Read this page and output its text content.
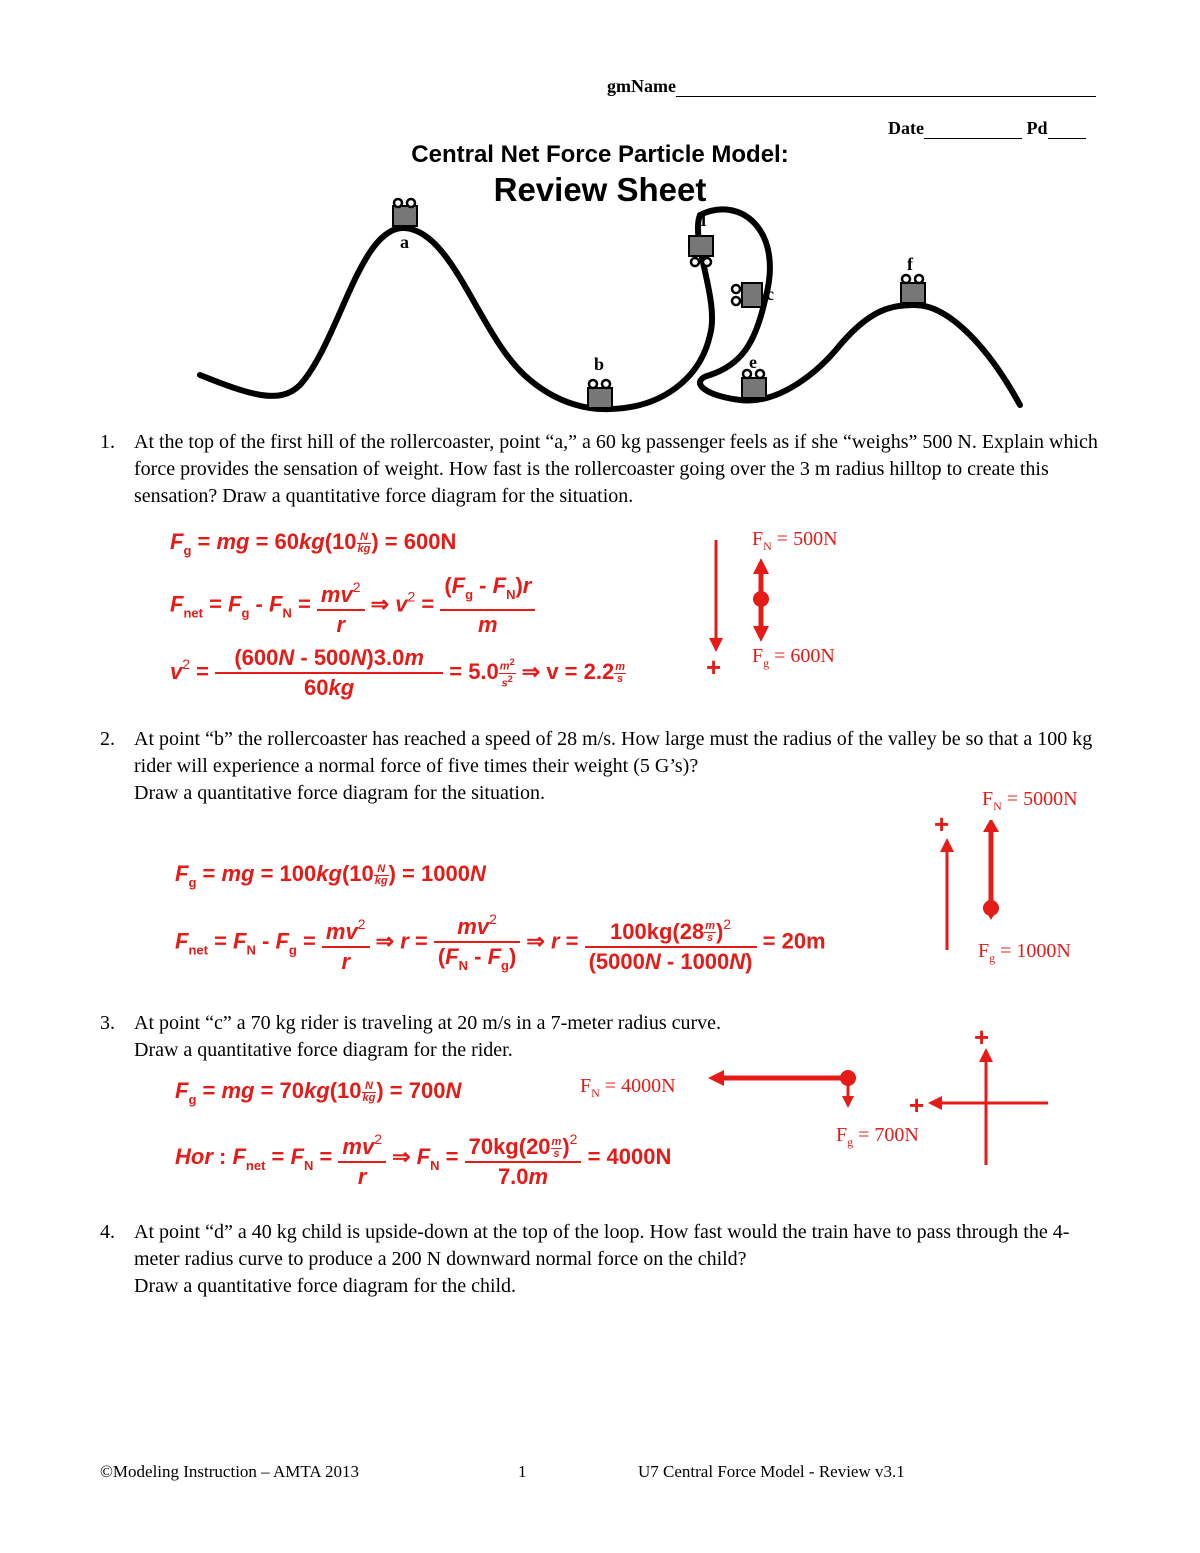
gmName
Date	Pd
Central Net Force Particle Model:
Review Sheet
a
b
c
d
e
f
1. At the top of the first hill of the rollercoaster, point “a,” a 60 kg passenger feels as if she “weighs” 500 N. Explain which force provides the sensation of weight. How fast is the rollercoaster going over the 3 m radius hilltop to create this sensation? Draw a quantitative force diagram for the situation.
$F_g$ = mg = $60kg(10 \frac{N}{kg}$ ) = 600N
$F_{net} = F_g - F_N = \frac{mv^2}{r}$ ⇒ $v^2 = \frac{(F_g - F_N)r}{m}$
$v^2 = \frac{(600N - 500N)3.0m}{60kg} = 5.0 \frac{m^2}{s^2}$ ⇒ $v = 2.2 \frac{m}{s}$	+
$F_N = 500N$
$F_g = 600N$
2. At point “b” the rollercoaster has reached a speed of 28 m/s. How large must the radius of the valley be so that a 100 kg rider will experience a normal force of five times their weight (5 G’s)?
Draw a quantitative force diagram for the situation.
$F_g$ = mg = $100kg(10 \frac{N}{kg}$ ) = 1000N
$F_{net} = F_N - F_g = \frac{mv^2}{r}$ ⇒ $r = \frac{mv^2}{(F_N - F_g)}$ ⇒ $r = \frac{100kg(28 \frac{m}{s} )^2}{(5000N - 1000N)} = 20m$
+
$F_N = 5000N$
$F_g = 1000N$
3. At point “c” a 70 kg rider is traveling at 20 m/s in a 7-meter radius curve.
Draw a quantitative force diagram for the rider.
$F_g$ = mg = $70kg(10 \frac{N}{kg}$ ) = 700N
Hor : $F_{net} = F_N = \frac{mv^2}{r}$ ⇒ $F_N = \frac{70kg(20 \frac{m}{s} )^2}{7.0m} = 4000N$
$F_N = 4000N$
$F_g = 700N$
+
+
4. At point “d” a 40 kg child is upside-down at the top of the loop. How fast would the train have to pass through the 4-meter radius curve to produce a 200 N downward normal force on the child?
Draw a quantitative force diagram for the child.
©Modeling Instruction – AMTA 2013	1	U7 Central Force Model - Review v3.1
